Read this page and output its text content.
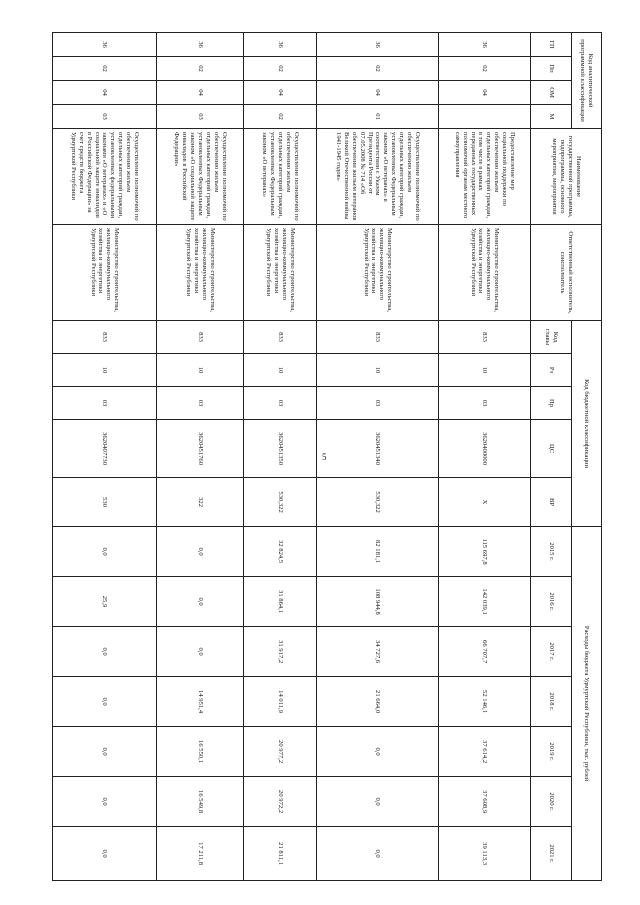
5
Код аналитической программной классификации				Наименование государственной программы, подпрограммы, основного мероприятия, мероприятия	Ответственный исполнитель, соисполнитель	Код бюджетной классификации					Расходы бюджета Удмуртской Республики, тыс. рублей						
ГП	Пп	ОМ	М			Код главы	Рз	Пр	ЦС	ВР	2015 г.	2016 г.	2017 г.	2018 г.	2019 г.	2020 г.	2021 г.
36	02	04		Предоставление мер социальной поддержки по обеспечению жильем отдельных категорий граждан, в том числе в рамках переданных государственных полномочий органам местного самоуправления	Министерство строительства, жилищно-коммунального хозяйства и энергетики Удмуртской Республики	833	10	03	3620400000	Х	115 697,8	142 039,1	66 707,7	52 146,1	37 614,2	37 608,9	39 113,3
36	02	04	01	Осуществление полномочий по обеспечению жильем отдельных категорий граждан, установленных Федеральным законом «О ветеранах» в соответствии с Указом Президента России от 07.05.2008 № 714 «Об обеспечении жильем ветеранов Великой Отечественной войны 1941-1945 годов»	Министерство строительства, жилищно-коммунального хозяйства и энергетики Удмуртской Республики	833	10	03	3620451340	530,322	82 181,1	108 944,8	34 727,6	21 664,0	0,0	0,0	0,0
36	02	04	02	Осуществление полномочий по обеспечению жильем отдельных категорий граждан, установленных Федеральным законом «О ветеранах»	Министерство строительства, жилищно-коммунального хозяйства и энергетики Удмуртской Республики	833	10	03	3620451350	530,322	32 824,5	31 864,1	31 917,2	14 011,9	20 977,2	20 972,2	21 811,1
36	02	04	03	Осуществление полномочий по обеспечению жильем отдельных категорий граждан, установленных Федеральным законом «О социальной защите инвалидов в Российской Федерации»	Министерство строительства, жилищно-коммунального хозяйства и энергетики Удмуртской Республики	833	10	03	3620451760	322	0,0	0,0	0,0	14 951,4	16 550,1	16 549,8	17 211,8
36	02	04	03	Осуществление полномочий по обеспечению жильем отдельных категорий граждан, установленных федеральными законами «О ветеранах» и «О социальной защите инвалидов в Российской Федерации» за счет средств бюджета Удмуртской Республики	Министерство строительства, жилищно-коммунального хозяйства и энергетики Удмуртской Республики	833	10	03	3620407730	530	0,0	25,9	0,0	0,0	0,0	0,0	0,0
